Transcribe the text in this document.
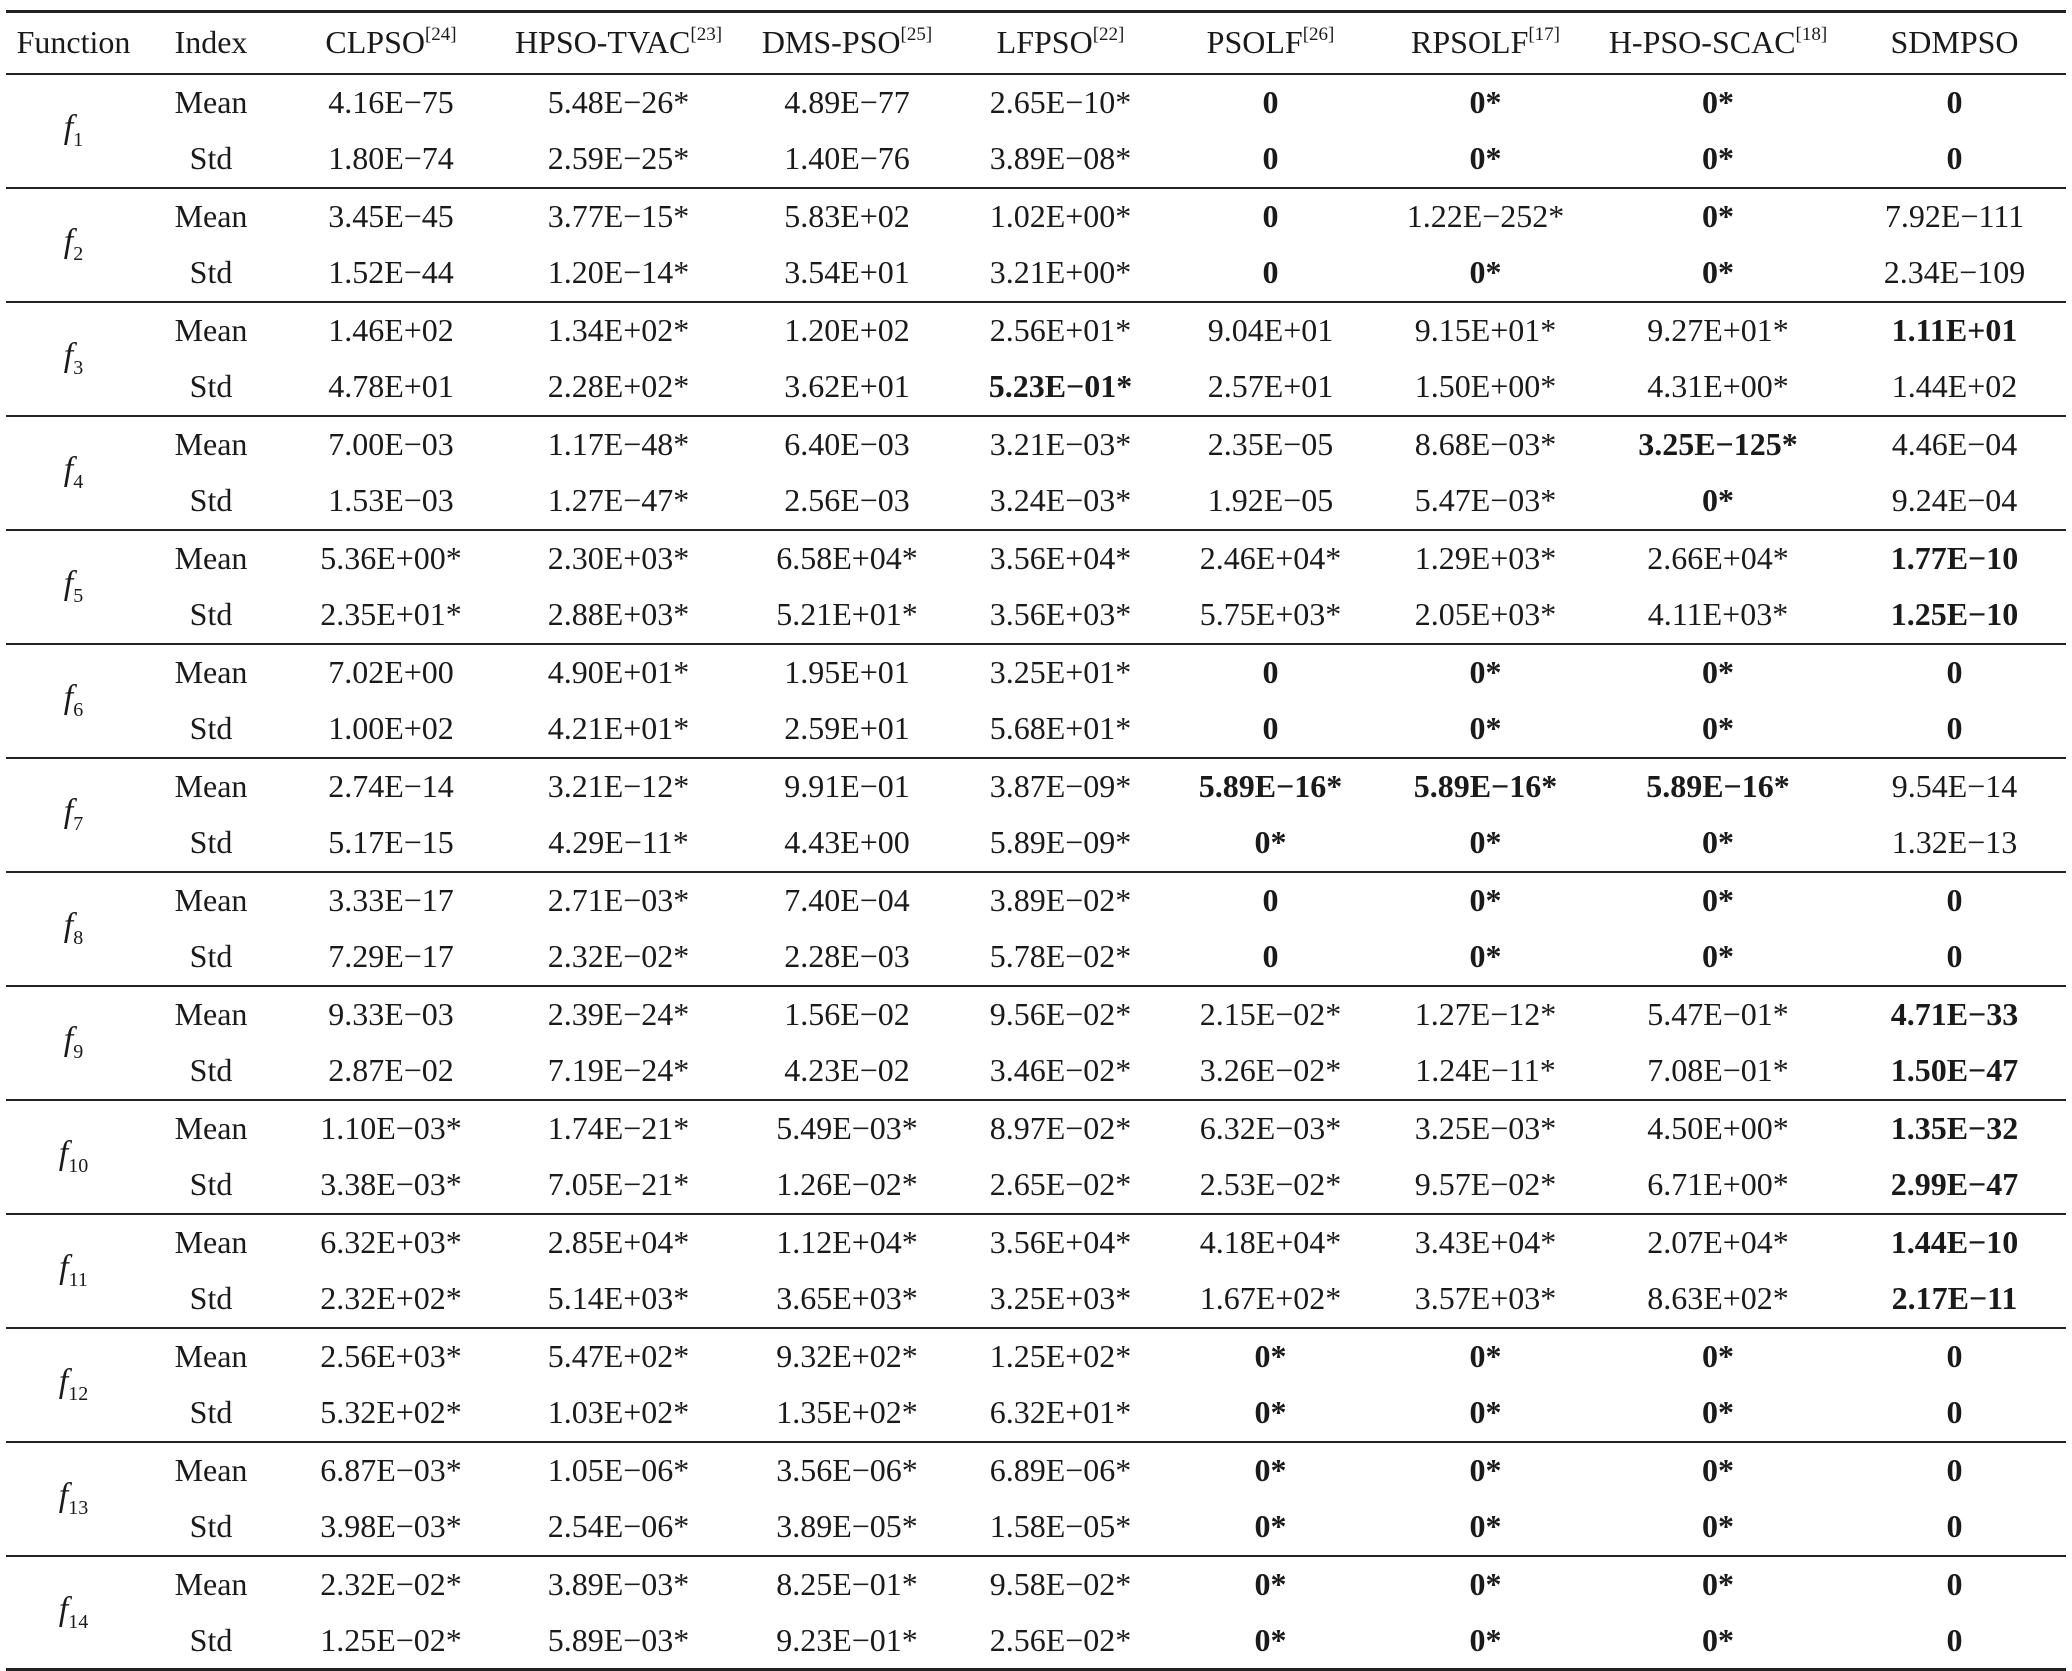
Function	Index	CLPSO[24]	HPSO-TVAC[23]	DMS-PSO[25]	LFPSO[22]	PSOLF[26]	RPSOLF[17]	H-PSO-SCAC[18]	SDMPSO
$f_1$	Mean	4.16E−75	5.48E−26*	4.89E−77	2.65E−10*	0	0*	0*	0
	Std	1.80E−74	2.59E−25*	1.40E−76	3.89E−08*	0	0*	0*	0
$f_2$	Mean	3.45E−45	3.77E−15*	5.83E+02	1.02E+00*	0	1.22E−252*	0*	7.92E−111
	Std	1.52E−44	1.20E−14*	3.54E+01	3.21E+00*	0	0*	0*	2.34E−109
$f_3$	Mean	1.46E+02	1.34E+02*	1.20E+02	2.56E+01*	9.04E+01	9.15E+01*	9.27E+01*	1.11E+01
	Std	4.78E+01	2.28E+02*	3.62E+01	5.23E−01*	2.57E+01	1.50E+00*	4.31E+00*	1.44E+02
$f_4$	Mean	7.00E−03	1.17E−48*	6.40E−03	3.21E−03*	2.35E−05	8.68E−03*	3.25E−125*	4.46E−04
	Std	1.53E−03	1.27E−47*	2.56E−03	3.24E−03*	1.92E−05	5.47E−03*	0*	9.24E−04
$f_5$	Mean	5.36E+00*	2.30E+03*	6.58E+04*	3.56E+04*	2.46E+04*	1.29E+03*	2.66E+04*	1.77E−10
	Std	2.35E+01*	2.88E+03*	5.21E+01*	3.56E+03*	5.75E+03*	2.05E+03*	4.11E+03*	1.25E−10
$f_6$	Mean	7.02E+00	4.90E+01*	1.95E+01	3.25E+01*	0	0*	0*	0
	Std	1.00E+02	4.21E+01*	2.59E+01	5.68E+01*	0	0*	0*	0
$f_7$	Mean	2.74E−14	3.21E−12*	9.91E−01	3.87E−09*	5.89E−16*	5.89E−16*	5.89E−16*	9.54E−14
	Std	5.17E−15	4.29E−11*	4.43E+00	5.89E−09*	0*	0*	0*	1.32E−13
$f_8$	Mean	3.33E−17	2.71E−03*	7.40E−04	3.89E−02*	0	0*	0*	0
	Std	7.29E−17	2.32E−02*	2.28E−03	5.78E−02*	0	0*	0*	0
$f_9$	Mean	9.33E−03	2.39E−24*	1.56E−02	9.56E−02*	2.15E−02*	1.27E−12*	5.47E−01*	4.71E−33
	Std	2.87E−02	7.19E−24*	4.23E−02	3.46E−02*	3.26E−02*	1.24E−11*	7.08E−01*	1.50E−47
$f_{10}$	Mean	1.10E−03*	1.74E−21*	5.49E−03*	8.97E−02*	6.32E−03*	3.25E−03*	4.50E+00*	1.35E−32
	Std	3.38E−03*	7.05E−21*	1.26E−02*	2.65E−02*	2.53E−02*	9.57E−02*	6.71E+00*	2.99E−47
$f_{11}$	Mean	6.32E+03*	2.85E+04*	1.12E+04*	3.56E+04*	4.18E+04*	3.43E+04*	2.07E+04*	1.44E−10
	Std	2.32E+02*	5.14E+03*	3.65E+03*	3.25E+03*	1.67E+02*	3.57E+03*	8.63E+02*	2.17E−11
$f_{12}$	Mean	2.56E+03*	5.47E+02*	9.32E+02*	1.25E+02*	0*	0*	0*	0
	Std	5.32E+02*	1.03E+02*	1.35E+02*	6.32E+01*	0*	0*	0*	0
$f_{13}$	Mean	6.87E−03*	1.05E−06*	3.56E−06*	6.89E−06*	0*	0*	0*	0
	Std	3.98E−03*	2.54E−06*	3.89E−05*	1.58E−05*	0*	0*	0*	0
$f_{14}$	Mean	2.32E−02*	3.89E−03*	8.25E−01*	9.58E−02*	0*	0*	0*	0
	Std	1.25E−02*	5.89E−03*	9.23E−01*	2.56E−02*	0*	0*	0*	0
